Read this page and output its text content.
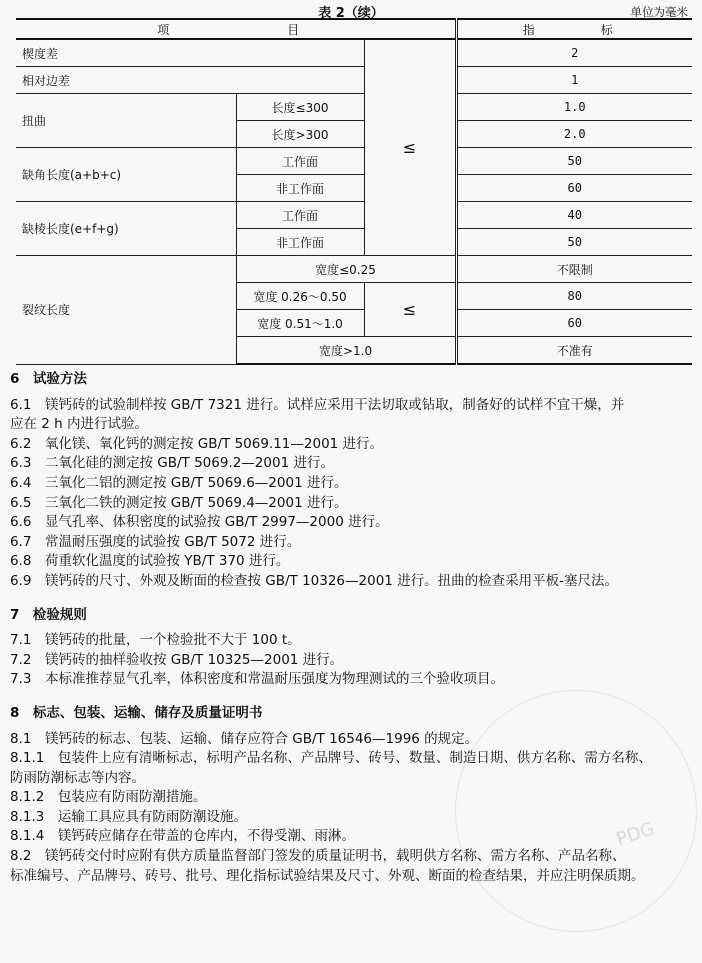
表 2（续）	单位为毫米
项　　　　目			指　　标
楔度差		≤	2
相对边差			1
扭曲	长度≤300		1.0
	长度>300		2.0
缺角长度(a+b+c)	工作面		50
	非工作面		60
缺棱长度(e+f+g)	工作面		40
	非工作面		50
裂纹长度	宽度≤0.25		不限制
	宽度 0.26～0.50	≤	80
	宽度 0.51～1.0		60
	宽度>1.0		不准有
6　试验方法

6.1　镁钙砖的试验制样按 GB/T 7321 进行。试样应采用干法切取或钻取，制备好的试样不宜干燥，并

应在 2 h 内进行试验。

6.2　氧化镁、氧化钙的测定按 GB/T 5069.11—2001 进行。

6.3　二氧化硅的测定按 GB/T 5069.2—2001 进行。

6.4　三氧化二铝的测定按 GB/T 5069.6—2001 进行。

6.5　三氧化二铁的测定按 GB/T 5069.4—2001 进行。

6.6　显气孔率、体积密度的试验按 GB/T 2997—2000 进行。

6.7　常温耐压强度的试验按 GB/T 5072 进行。

6.8　荷重软化温度的试验按 YB/T 370 进行。

6.9　镁钙砖的尺寸、外观及断面的检查按 GB/T 10326—2001 进行。扭曲的检查采用平板-塞尺法。

7　检验规则

7.1　镁钙砖的批量，一个检验批不大于 100 t。

7.2　镁钙砖的抽样验收按 GB/T 10325—2001 进行。

7.3　本标准推荐显气孔率，体积密度和常温耐压强度为物理测试的三个验收项目。

8　标志、包装、运输、储存及质量证明书

8.1　镁钙砖的标志、包装、运输、储存应符合 GB/T 16546—1996 的规定。

8.1.1　包装件上应有清晰标志，标明产品名称、产品牌号、砖号、数量、制造日期、供方名称、需方名称、

防雨防潮标志等内容。

8.1.2　包装应有防雨防潮措施。

8.1.3　运输工具应具有防雨防潮设施。

8.1.4　镁钙砖应储存在带盖的仓库内，不得受潮、雨淋。

8.2　镁钙砖交付时应附有供方质量监督部门签发的质量证明书，载明供方名称、需方名称、产品名称、

标准编号、产品牌号、砖号、批号、理化指标试验结果及尺寸、外观、断面的检查结果，并应注明保质期。

PDG
